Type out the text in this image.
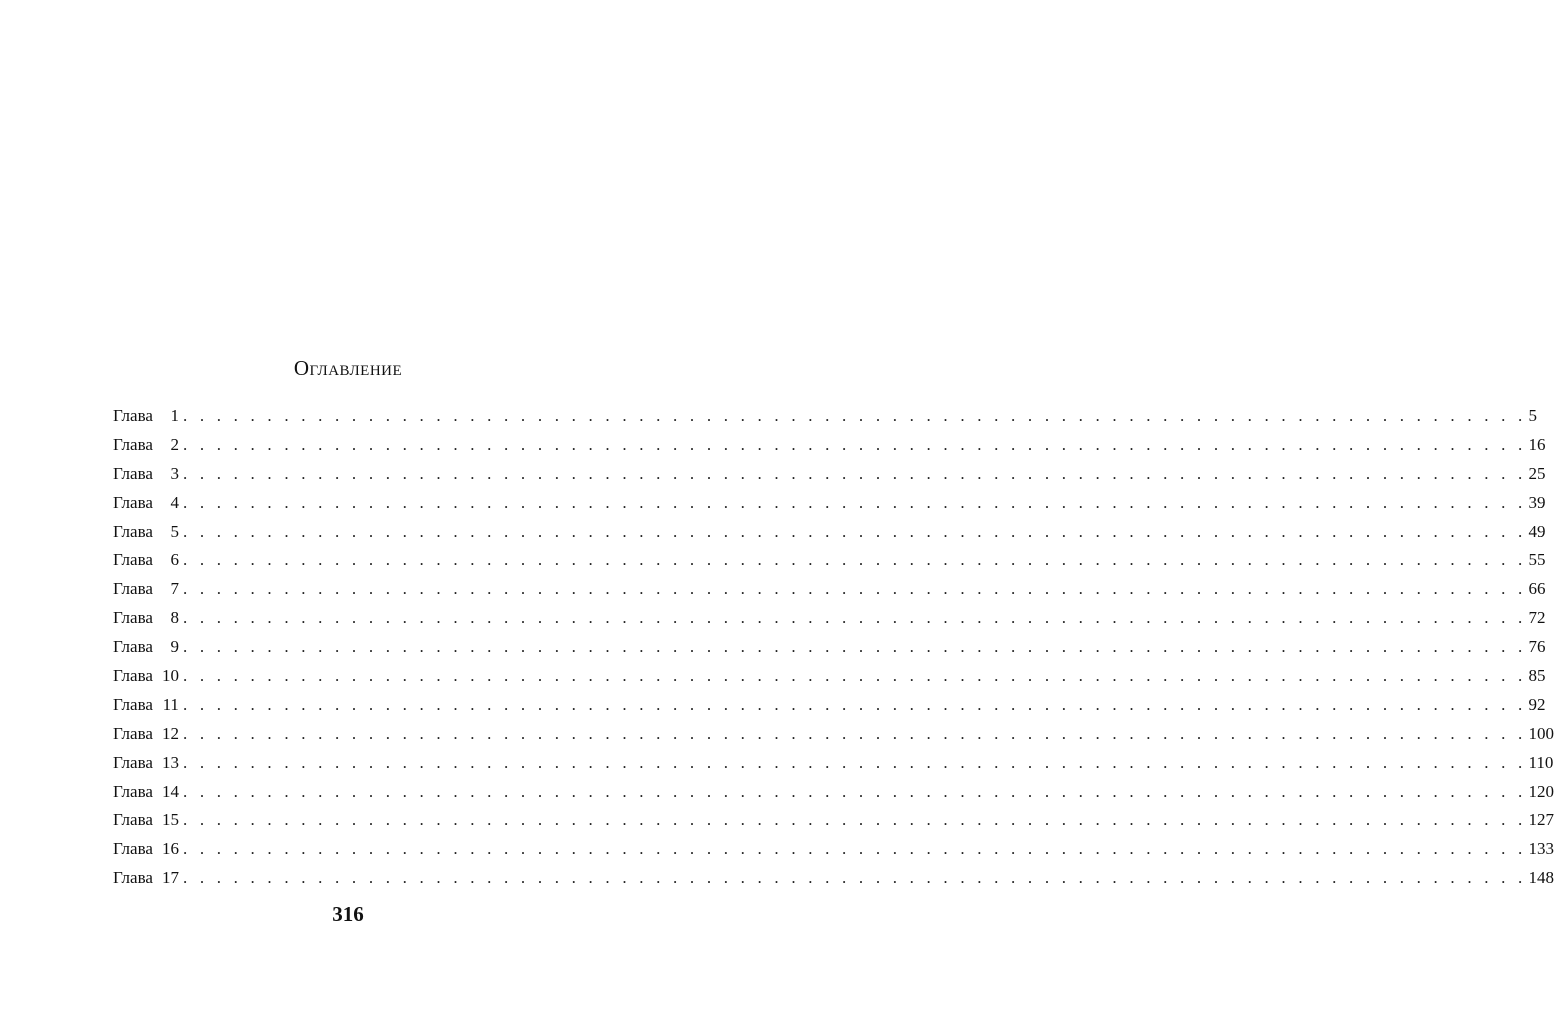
Оглавление
Глава	1 . . . . . . . . . . . . . . . . . . . . . . . . . . . . . . . . . . . . . . . . . . . . . . . . . . . . . . . . . . . . . . . . . . . . . . . . . . . . . . . . 5
Глава	2 . . . . . . . . . . . . . . . . . . . . . . . . . . . . . . . . . . . . . . . . . . . . . . . . . . . . . . . . . . . . . . . . . . . . . . . . . . . . . . . . 16
Глава	3 . . . . . . . . . . . . . . . . . . . . . . . . . . . . . . . . . . . . . . . . . . . . . . . . . . . . . . . . . . . . . . . . . . . . . . . . . . . . . . . . 25
Глава	4 . . . . . . . . . . . . . . . . . . . . . . . . . . . . . . . . . . . . . . . . . . . . . . . . . . . . . . . . . . . . . . . . . . . . . . . . . . . . . . . . 39
Глава	5 . . . . . . . . . . . . . . . . . . . . . . . . . . . . . . . . . . . . . . . . . . . . . . . . . . . . . . . . . . . . . . . . . . . . . . . . . . . . . . . . 49
Глава	6 . . . . . . . . . . . . . . . . . . . . . . . . . . . . . . . . . . . . . . . . . . . . . . . . . . . . . . . . . . . . . . . . . . . . . . . . . . . . . . . . 55
Глава	7 . . . . . . . . . . . . . . . . . . . . . . . . . . . . . . . . . . . . . . . . . . . . . . . . . . . . . . . . . . . . . . . . . . . . . . . . . . . . . . . . 66
Глава	8 . . . . . . . . . . . . . . . . . . . . . . . . . . . . . . . . . . . . . . . . . . . . . . . . . . . . . . . . . . . . . . . . . . . . . . . . . . . . . . . . 72
Глава	9 . . . . . . . . . . . . . . . . . . . . . . . . . . . . . . . . . . . . . . . . . . . . . . . . . . . . . . . . . . . . . . . . . . . . . . . . . . . . . . . . 76
Глава 10 . . . . . . . . . . . . . . . . . . . . . . . . . . . . . . . . . . . . . . . . . . . . . . . . . . . . . . . . . . . . . . . . . . . . . . . . . . . . . . . . 85
Глава 11 . . . . . . . . . . . . . . . . . . . . . . . . . . . . . . . . . . . . . . . . . . . . . . . . . . . . . . . . . . . . . . . . . . . . . . . . . . . . . . . . 92
Глава 12 . . . . . . . . . . . . . . . . . . . . . . . . . . . . . . . . . . . . . . . . . . . . . . . . . . . . . . . . . . . . . . . . . . . . . . . . . . . . . . . . 100
Глава 13 . . . . . . . . . . . . . . . . . . . . . . . . . . . . . . . . . . . . . . . . . . . . . . . . . . . . . . . . . . . . . . . . . . . . . . . . . . . . . . . . 110
Глава 14 . . . . . . . . . . . . . . . . . . . . . . . . . . . . . . . . . . . . . . . . . . . . . . . . . . . . . . . . . . . . . . . . . . . . . . . . . . . . . . . . 120
Глава 15 . . . . . . . . . . . . . . . . . . . . . . . . . . . . . . . . . . . . . . . . . . . . . . . . . . . . . . . . . . . . . . . . . . . . . . . . . . . . . . . . 127
Глава 16 . . . . . . . . . . . . . . . . . . . . . . . . . . . . . . . . . . . . . . . . . . . . . . . . . . . . . . . . . . . . . . . . . . . . . . . . . . . . . . . . 133
Глава 17 . . . . . . . . . . . . . . . . . . . . . . . . . . . . . . . . . . . . . . . . . . . . . . . . . . . . . . . . . . . . . . . . . . . . . . . . . . . . . . . . 148
316
